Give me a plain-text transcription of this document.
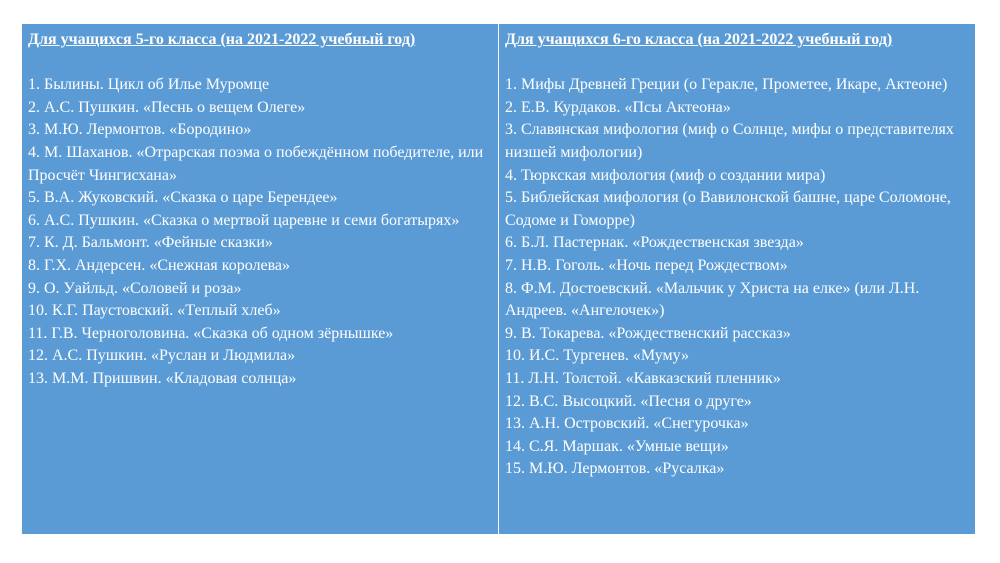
Для учащихся 5-го класса (на 2021-2022 учебный год)

1. Былины. Цикл об Илье Муромце
2. А.С. Пушкин. «Песнь о вещем Олеге»
3. М.Ю. Лермонтов. «Бородино»
4. М. Шаханов. «Отрарская поэма о побеждённом победителе, или Просчёт Чингисхана»
5. В.А. Жуковский. «Сказка о царе Берендее»
6. А.С. Пушкин. «Сказка о мертвой царевне и семи богатырях»
7. К. Д. Бальмонт. «Фейные сказки»
8. Г.Х. Андерсен. «Снежная королева»
9. О. Уайльд. «Соловей и роза»
10. К.Г. Паустовский. «Теплый хлеб»
11. Г.В. Черноголовина. «Сказка об одном зёрнышке»
12. А.С. Пушкин. «Руслан и Людмила»
13. М.М. Пришвин. «Кладовая солнца»

Для учащихся 6-го класса (на 2021-2022 учебный год)

1. Мифы Древней Греции (о Геракле, Прометее, Икаре, Актеоне)
2. Е.В. Курдаков. «Псы Актеона»
3. Славянская мифология (миф о Солнце, мифы о представителях низшей мифологии)
4. Тюркская мифология (миф о создании мира)
5. Библейская мифология (о Вавилонской башне, царе Соломоне, Содоме и Гоморре)
6. Б.Л. Пастернак. «Рождественская звезда»
7. Н.В. Гоголь. «Ночь перед Рождеством»
8. Ф.М. Достоевский. «Мальчик у Христа на елке» (или Л.Н. Андреев. «Ангелочек»)
9. В. Токарева. «Рождественский рассказ»
10. И.С. Тургенев. «Муму»
11. Л.Н. Толстой. «Кавказский пленник»
12. В.С. Высоцкий. «Песня о друге»
13. А.Н. Островский. «Снегурочка»
14. С.Я. Маршак. «Умные вещи»
15. М.Ю. Лермонтов. «Русалка»
